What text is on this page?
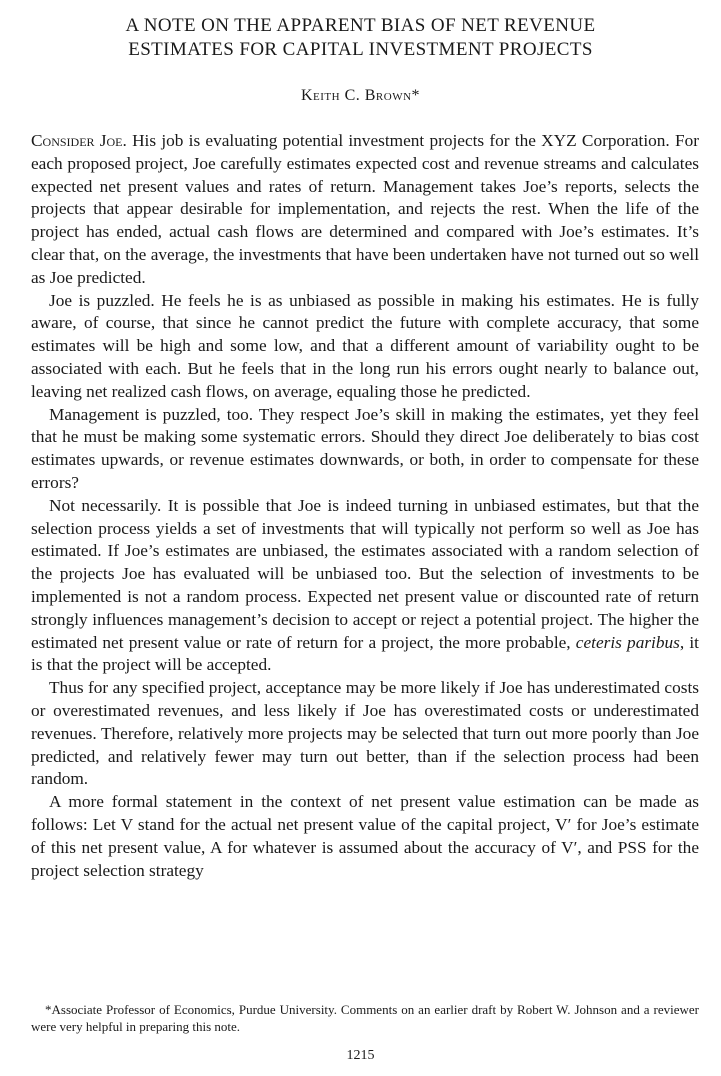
A NOTE ON THE APPARENT BIAS OF NET REVENUE
ESTIMATES FOR CAPITAL INVESTMENT PROJECTS
Keith C. Brown*

Consider Joe. His job is evaluating potential investment projects for the XYZ Corporation. For each proposed project, Joe carefully estimates expected cost and revenue streams and calculates expected net present values and rates of return. Management takes Joe’s reports, selects the projects that appear desirable for implementation, and rejects the rest. When the life of the project has ended, actual cash flows are determined and compared with Joe’s estimates. It’s clear that, on the average, the investments that have been undertaken have not turned out so well as Joe predicted.

Joe is puzzled. He feels he is as unbiased as possible in making his estimates. He is fully aware, of course, that since he cannot predict the future with complete accuracy, that some estimates will be high and some low, and that a different amount of variability ought to be associated with each. But he feels that in the long run his errors ought nearly to balance out, leaving net realized cash flows, on average, equaling those he predicted.

Management is puzzled, too. They respect Joe’s skill in making the estimates, yet they feel that he must be making some systematic errors. Should they direct Joe deliberately to bias cost estimates upwards, or revenue estimates downwards, or both, in order to compensate for these errors?

Not necessarily. It is possible that Joe is indeed turning in unbiased estimates, but that the selection process yields a set of investments that will typically not perform so well as Joe has estimated. If Joe’s estimates are unbiased, the estimates associated with a random selection of the projects Joe has evaluated will be unbiased too. But the selection of investments to be implemented is not a random process. Expected net present value or discounted rate of return strongly influences management’s decision to accept or reject a potential project. The higher the estimated net present value or rate of return for a project, the more probable, ceteris paribus, it is that the project will be accepted.

Thus for any specified project, acceptance may be more likely if Joe has underestimated costs or overestimated revenues, and less likely if Joe has overestimated costs or underestimated revenues. Therefore, relatively more projects may be selected that turn out more poorly than Joe predicted, and relatively fewer may turn out better, than if the selection process had been random.

A more formal statement in the context of net present value estimation can be made as follows: Let V stand for the actual net present value of the capital project, V′ for Joe’s estimate of this net present value, A for whatever is assumed about the accuracy of V′, and PSS for the project selection strategy

*Associate Professor of Economics, Purdue University. Comments on an earlier draft by Robert W. Johnson and a reviewer were very helpful in preparing this note.

1215
